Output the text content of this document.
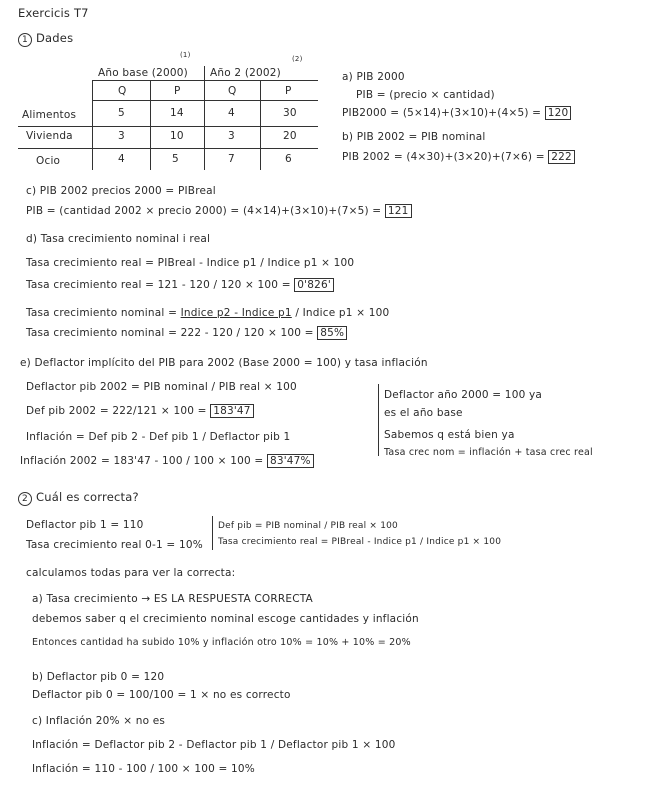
Exercicis T7
1 Dades
(1)	(2)
Año base (2000) Año 2 (2002)
Q	P	Q	P
Alimentos	5	14	4	30
Vivienda	3	10	3	20
Ocio	4	5	7	6
a) PIB 2000
PIB = (precio × cantidad)
PIB2000 = (5×14)+(3×10)+(4×5) = 120
b) PIB 2002 = PIB nominal
PIB 2002 = (4×30)+(3×20)+(7×6) = 222
c) PIB 2002 precios 2000 = PIBreal
PIB = (cantidad 2002 × precio 2000) = (4×14)+(3×10)+(7×5) = 121
d) Tasa crecimiento nominal i real
Tasa crecimiento real = PIBreal - Indice p1 / Indice p1 × 100
Tasa crecimiento real = 121 - 120 / 120 × 100 = 0'826'
Tasa crecimiento nominal = Indice p2 - Indice p1 / Indice p1 × 100
Tasa crecimiento nominal = 222 - 120 / 120 × 100 = 85%
e) Deflactor implícito del PIB para 2002 (Base 2000 = 100) y tasa inflación
Deflactor pib 2002 = PIB nominal / PIB real × 100
Def pib 2002 = 222/121 × 100 = 183'47
Inflación = Def pib 2 - Def pib 1 / Deflactor pib 1
Inflación 2002 = 183'47 - 100 / 100 × 100 = 83'47%
Deflactor año 2000 = 100 ya
es el año base
Sabemos q está bien ya
Tasa crec nom = inflación + tasa crec real
2 Cuál es correcta?
Deflactor pib 1 = 110
Tasa crecimiento real 0-1 = 10%
Def pib = PIB nominal / PIB real × 100
Tasa crecimiento real = PIBreal - Indice p1 / Indice p1 × 100
calculamos todas para ver la correcta:
a) Tasa crecimiento → ES LA RESPUESTA CORRECTA
debemos saber q el crecimiento nominal escoge cantidades y inflación
Entonces cantidad ha subido 10% y inflación otro 10% = 10% + 10% = 20%
b) Deflactor pib 0 = 120
Deflactor pib 0 = 100/100 = 1 × no es correcto
c) Inflación 20% × no es
Inflación = Deflactor pib 2 - Deflactor pib 1 / Deflactor pib 1 × 100
Inflación = 110 - 100 / 100 × 100 = 10%
